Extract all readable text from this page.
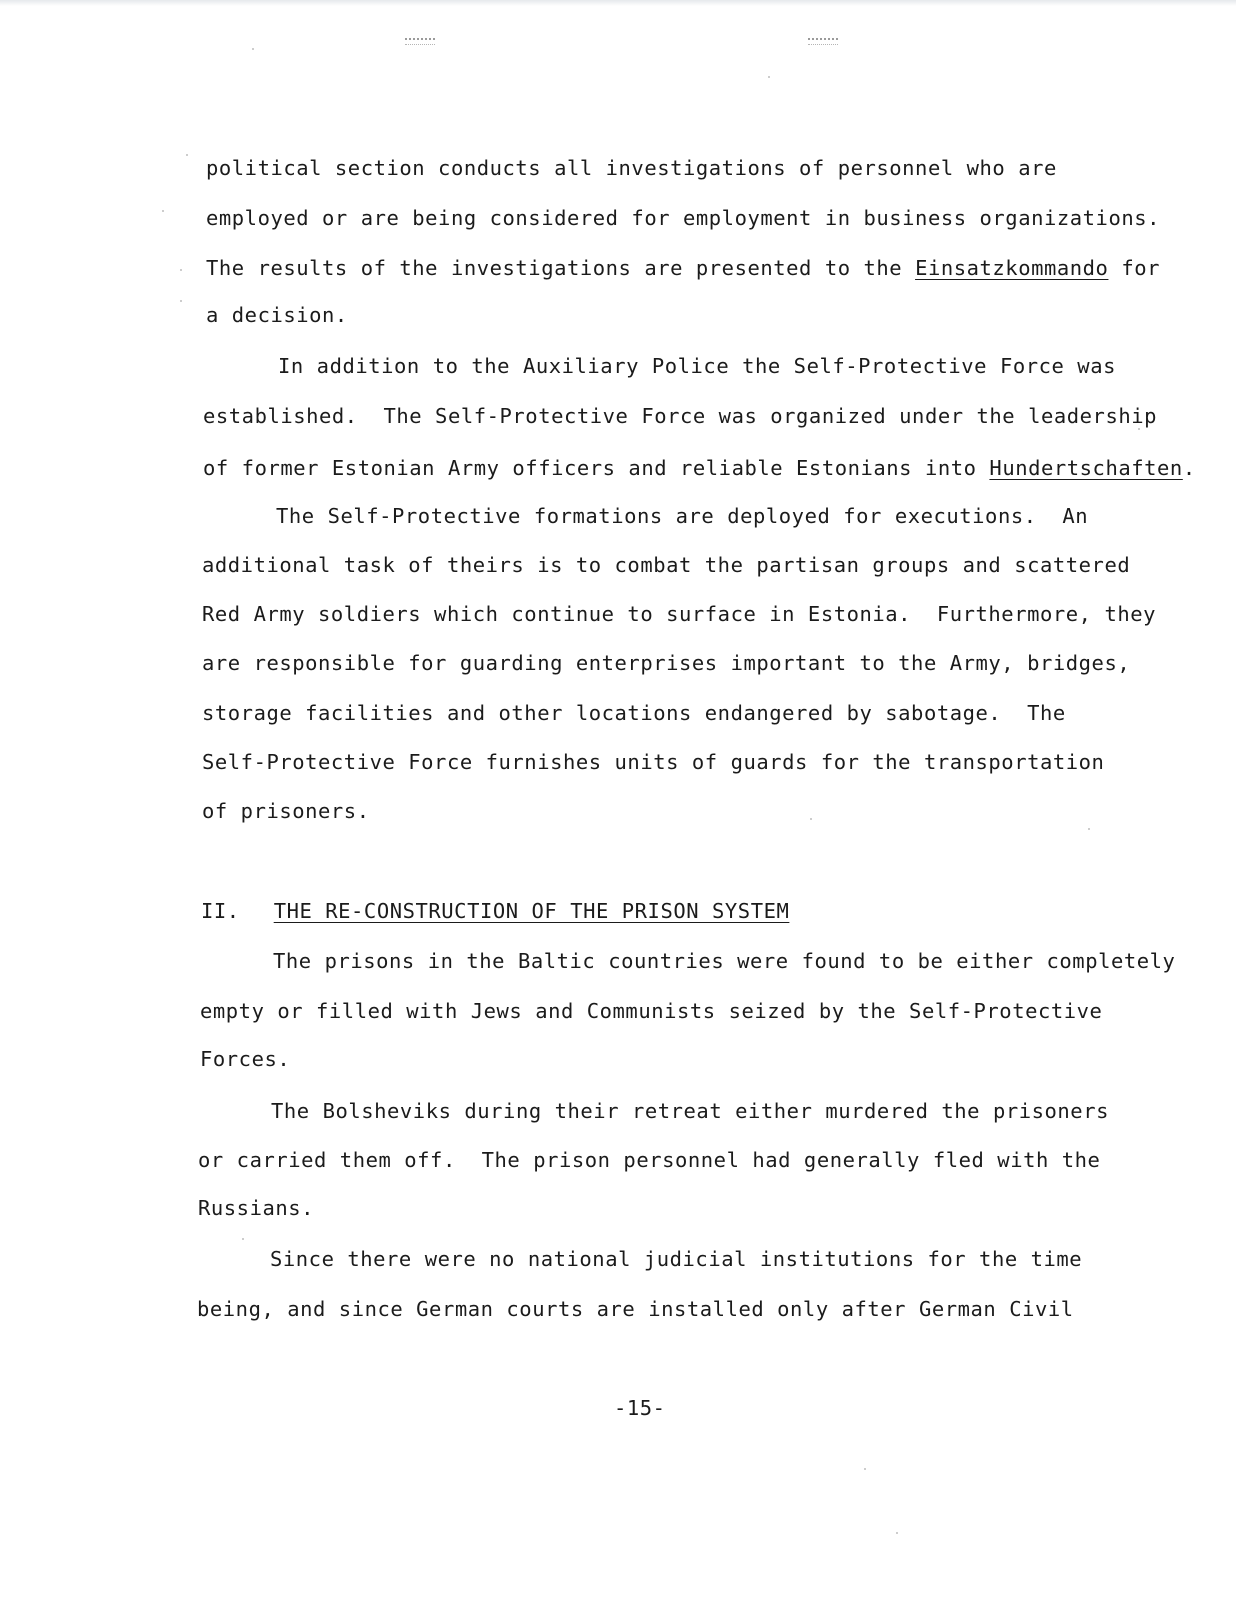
political section conducts all investigations of personnel who are
employed or are being considered for employment in business organizations.
The results of the investigations are presented to the Einsatzkommando for
a decision.
In addition to the Auxiliary Police the Self-Protective Force was
established.  The Self-Protective Force was organized under the leadership
of former Estonian Army officers and reliable Estonians into Hundertschaften.
The Self-Protective formations are deployed for executions.  An
additional task of theirs is to combat the partisan groups and scattered
Red Army soldiers which continue to surface in Estonia.  Furthermore, they
are responsible for guarding enterprises important to the Army, bridges,
storage facilities and other locations endangered by sabotage.  The
Self-Protective Force furnishes units of guards for the transportation
of prisoners.
II. THE RE-CONSTRUCTION OF THE PRISON SYSTEM
The prisons in the Baltic countries were found to be either completely
empty or filled with Jews and Communists seized by the Self-Protective
Forces.
The Bolsheviks during their retreat either murdered the prisoners
or carried them off.  The prison personnel had generally fled with the
Russians.
Since there were no national judicial institutions for the time
being, and since German courts are installed only after German Civil
-15-
